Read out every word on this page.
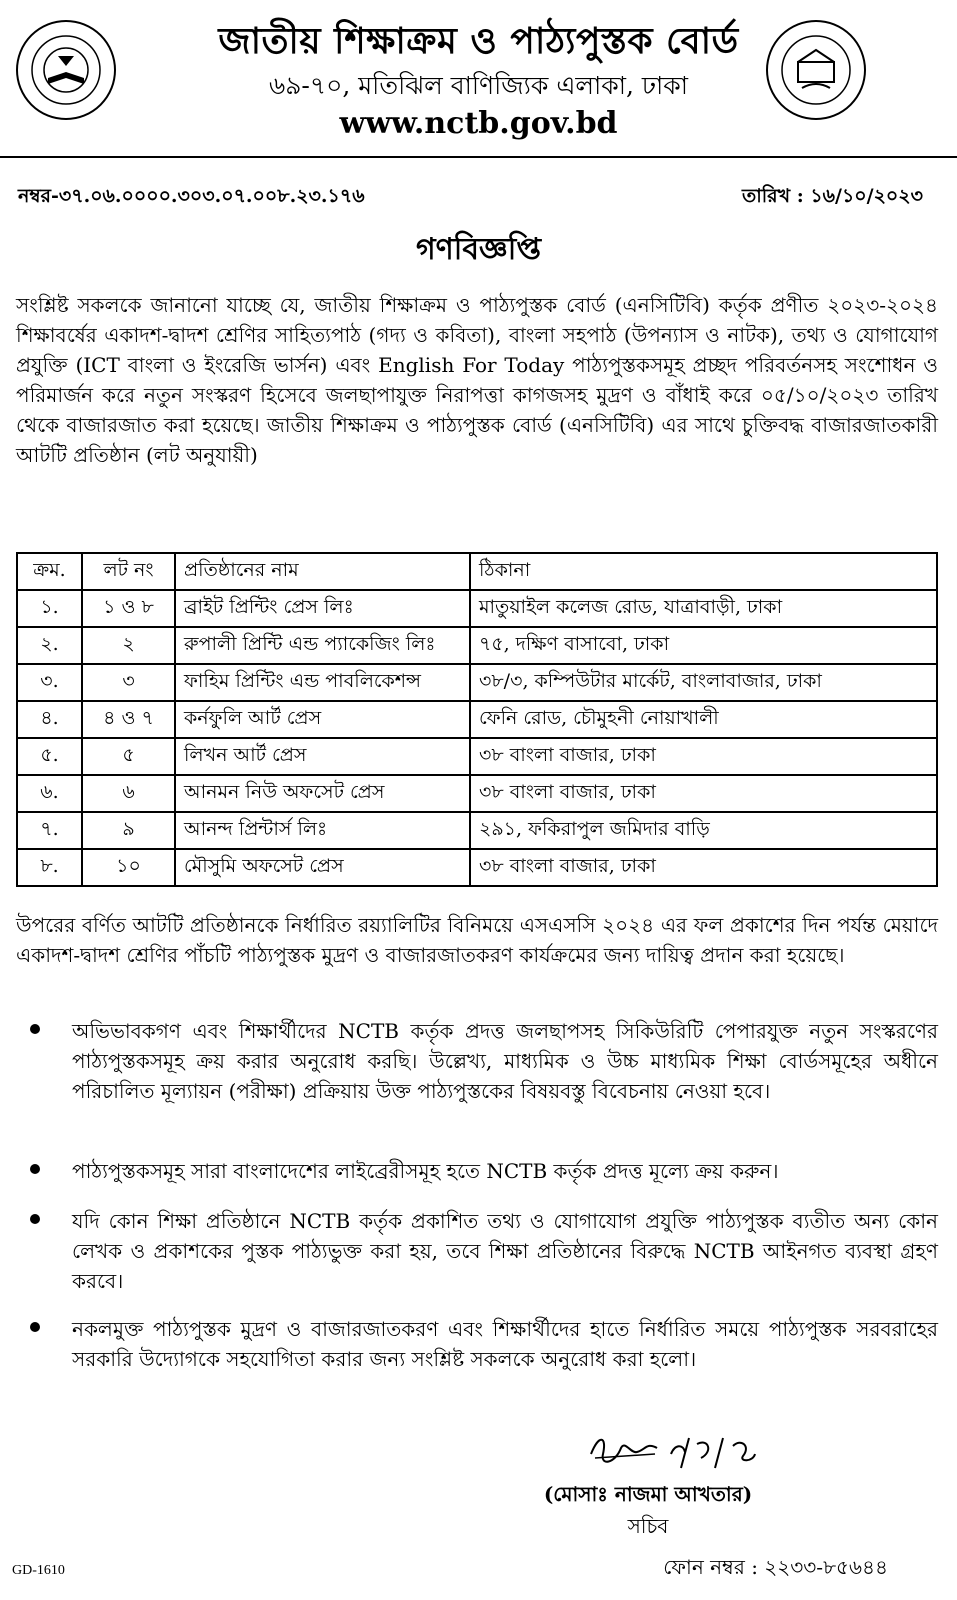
জাতীয় শিক্ষাক্রম ও পাঠ্যপুস্তক বোর্ড
৬৯-৭০, মতিঝিল বাণিজ্যিক এলাকা, ঢাকা
www.nctb.gov.bd
নম্বর-৩৭.০৬.০০০০.৩০৩.০৭.০০৮.২৩.১৭৬	তারিখ : ১৬/১০/২০২৩
গণবিজ্ঞপ্তি
সংশ্লিষ্ট সকলকে জানানো যাচ্ছে যে, জাতীয় শিক্ষাক্রম ও পাঠ্যপুস্তক বোর্ড (এনসিটিবি) কর্তৃক প্রণীত ২০২৩-২০২৪ শিক্ষাবর্ষের একাদশ-দ্বাদশ শ্রেণির সাহিত্যপাঠ (গদ্য ও কবিতা), বাংলা সহপাঠ (উপন্যাস ও নাটক), তথ্য ও যোগাযোগ প্রযুক্তি (ICT বাংলা ও ইংরেজি ভার্সন) এবং English For Today পাঠ্যপুস্তকসমূহ প্রচ্ছদ পরিবর্তনসহ সংশোধন ও পরিমার্জন করে নতুন সংস্করণ হিসেবে জলছাপাযুক্ত নিরাপত্তা কাগজসহ মুদ্রণ ও বাঁধাই করে ০৫/১০/২০২৩ তারিখ থেকে বাজারজাত করা হয়েছে। জাতীয় শিক্ষাক্রম ও পাঠ্যপুস্তক বোর্ড (এনসিটিবি) এর সাথে চুক্তিবদ্ধ বাজারজাতকারী আটটি প্রতিষ্ঠান (লট অনুযায়ী)
ক্রম.	লট নং	প্রতিষ্ঠানের নাম	ঠিকানা
১.	১ ও ৮	ব্রাইট প্রিন্টিং প্রেস লিঃ	মাতুয়াইল কলেজ রোড, যাত্রাবাড়ী, ঢাকা
২.	২	রুপালী প্রিন্টি এন্ড প্যাকেজিং লিঃ	৭৫, দক্ষিণ বাসাবো, ঢাকা
৩.	৩	ফাহিম প্রিন্টিং এন্ড পাবলিকেশন্স	৩৮/৩, কম্পিউটার মার্কেট, বাংলাবাজার, ঢাকা
৪.	৪ ও ৭	কর্নফুলি আর্ট প্রেস	ফেনি রোড, চৌমুহনী নোয়াখালী
৫.	৫	লিখন আর্ট প্রেস	৩৮ বাংলা বাজার, ঢাকা
৬.	৬	আনমন নিউ অফসেট প্রেস	৩৮ বাংলা বাজার, ঢাকা
৭.	৯	আনন্দ প্রিন্টার্স লিঃ	২৯১, ফকিরাপুল জমিদার বাড়ি
৮.	১০	মৌসুমি অফসেট প্রেস	৩৮ বাংলা বাজার, ঢাকা
উপরের বর্ণিত আটটি প্রতিষ্ঠানকে নির্ধারিত রয়্যালিটির বিনিময়ে এসএসসি ২০২৪ এর ফল প্রকাশের দিন পর্যন্ত মেয়াদে একাদশ-দ্বাদশ শ্রেণির পাঁচটি পাঠ্যপুস্তক মুদ্রণ ও বাজারজাতকরণ কার্যক্রমের জন্য দায়িত্ব প্রদান করা হয়েছে।
অভিভাবকগণ এবং শিক্ষার্থীদের NCTB কর্তৃক প্রদত্ত জলছাপসহ সিকিউরিটি পেপারযুক্ত নতুন সংস্করণের পাঠ্যপুস্তকসমূহ ক্রয় করার অনুরোধ করছি। উল্লেখ্য, মাধ্যমিক ও উচ্চ মাধ্যমিক শিক্ষা বোর্ডসমূহের অধীনে পরিচালিত মূল্যায়ন (পরীক্ষা) প্রক্রিয়ায় উক্ত পাঠ্যপুস্তকের বিষয়বস্তু বিবেচনায় নেওয়া হবে।
পাঠ্যপুস্তকসমূহ সারা বাংলাদেশের লাইব্রেরীসমূহ হতে NCTB কর্তৃক প্রদত্ত মূল্যে ক্রয় করুন।
যদি কোন শিক্ষা প্রতিষ্ঠানে NCTB কর্তৃক প্রকাশিত তথ্য ও যোগাযোগ প্রযুক্তি পাঠ্যপুস্তক ব্যতীত অন্য কোন লেখক ও প্রকাশকের পুস্তক পাঠ্যভুক্ত করা হয়, তবে শিক্ষা প্রতিষ্ঠানের বিরুদ্ধে NCTB আইনগত ব্যবস্থা গ্রহণ করবে।
নকলমুক্ত পাঠ্যপুস্তক মুদ্রণ ও বাজারজাতকরণ এবং শিক্ষার্থীদের হাতে নির্ধারিত সময়ে পাঠ্যপুস্তক সরবরাহের সরকারি উদ্যোগকে সহযোগিতা করার জন্য সংশ্লিষ্ট সকলকে অনুরোধ করা হলো।
(মোসাঃ নাজমা আখতার)
সচিব
GD-1610	ফোন নম্বর : ২২৩৩-৮৫৬৪৪
